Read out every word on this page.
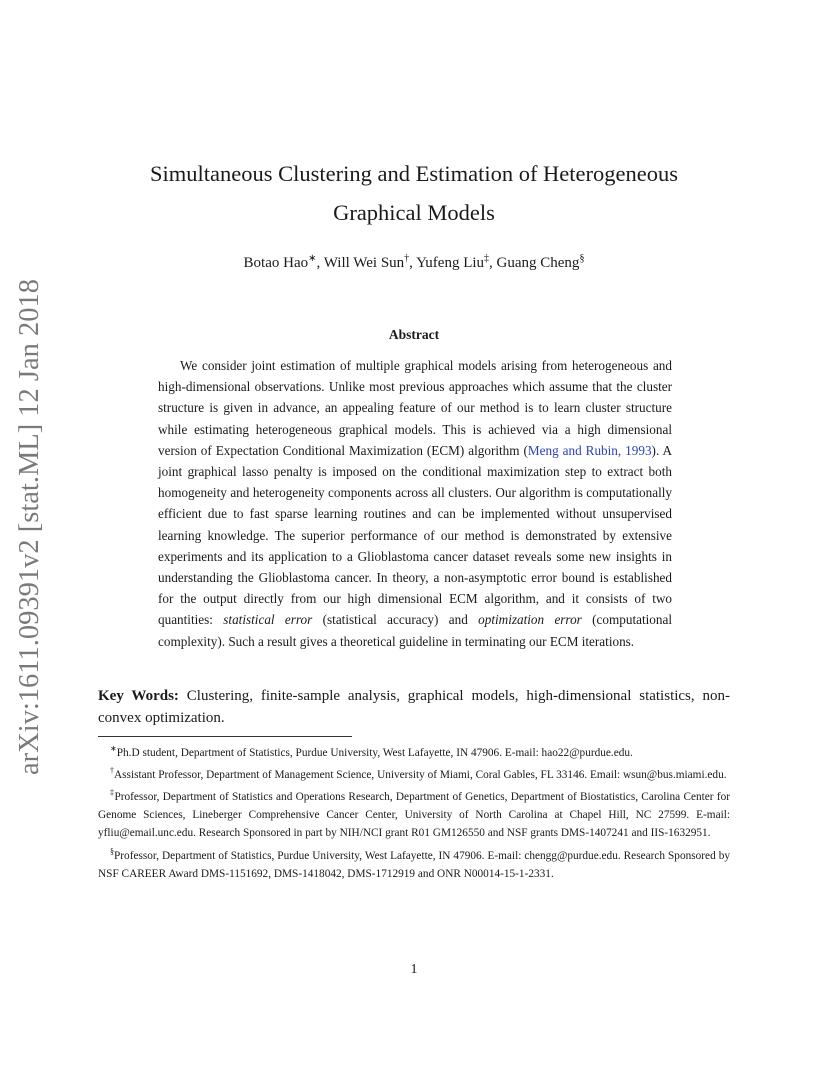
arXiv:1611.09391v2 [stat.ML] 12 Jan 2018
Simultaneous Clustering and Estimation of Heterogeneous
Graphical Models
Botao Hao∗, Will Wei Sun†, Yufeng Liu‡, Guang Cheng§
Abstract
We consider joint estimation of multiple graphical models arising from heterogeneous and high-dimensional observations. Unlike most previous approaches which assume that the cluster structure is given in advance, an appealing feature of our method is to learn cluster structure while estimating heterogeneous graphical models. This is achieved via a high dimensional version of Expectation Conditional Maximization (ECM) algorithm (Meng and Rubin, 1993). A joint graphical lasso penalty is imposed on the conditional maximization step to extract both homogeneity and heterogeneity components across all clusters. Our algorithm is computationally efficient due to fast sparse learning routines and can be implemented without unsupervised learning knowledge. The superior performance of our method is demonstrated by extensive experiments and its application to a Glioblastoma cancer dataset reveals some new insights in understanding the Glioblastoma cancer. In theory, a non-asymptotic error bound is established for the output directly from our high dimensional ECM algorithm, and it consists of two quantities: statistical error (statistical accuracy) and optimization error (computational complexity). Such a result gives a theoretical guideline in terminating our ECM iterations.
Key Words: Clustering, finite-sample analysis, graphical models, high-dimensional statistics, non-convex optimization.

∗Ph.D student, Department of Statistics, Purdue University, West Lafayette, IN 47906. E-mail: hao22@purdue.edu.

†Assistant Professor, Department of Management Science, University of Miami, Coral Gables, FL 33146. Email: wsun@bus.miami.edu.

‡Professor, Department of Statistics and Operations Research, Department of Genetics, Department of Biostatistics, Carolina Center for Genome Sciences, Lineberger Comprehensive Cancer Center, University of North Carolina at Chapel Hill, NC 27599. E-mail: yfliu@email.unc.edu. Research Sponsored in part by NIH/NCI grant R01 GM126550 and NSF grants DMS-1407241 and IIS-1632951.

§Professor, Department of Statistics, Purdue University, West Lafayette, IN 47906. E-mail: chengg@purdue.edu. Research Sponsored by NSF CAREER Award DMS-1151692, DMS-1418042, DMS-1712919 and ONR N00014-15-1-2331.

1
